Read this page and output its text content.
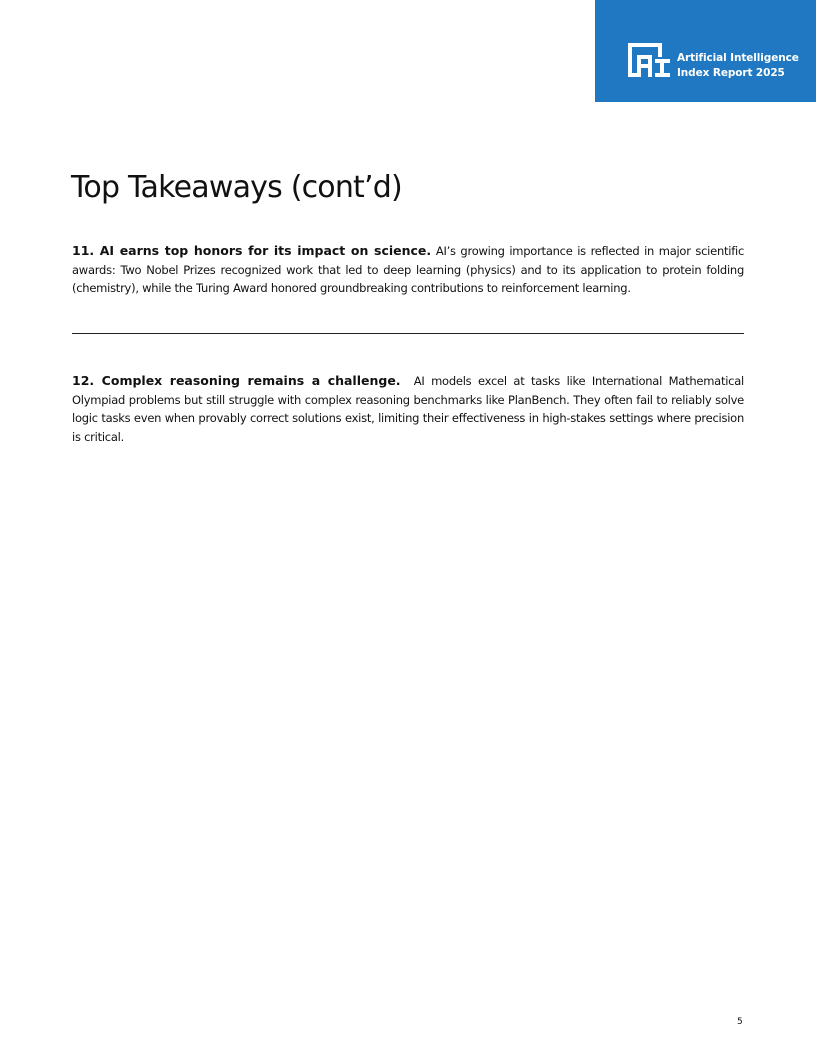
Artificial Intelligence
Index Report 2025
Top Takeaways (cont’d)

11. AI earns top honors for its impact on science. AI’s growing importance is reflected in major scientific awards: Two Nobel Prizes recognized work that led to deep learning (physics) and to its application to protein folding (chemistry), while the Turing Award honored groundbreaking contributions to reinforcement learning.

12. Complex reasoning remains a challenge. AI models excel at tasks like International Mathematical Olympiad problems but still struggle with complex reasoning benchmarks like PlanBench. They often fail to reliably solve logic tasks even when provably correct solutions exist, limiting their effectiveness in high-stakes settings where precision is critical.

5
